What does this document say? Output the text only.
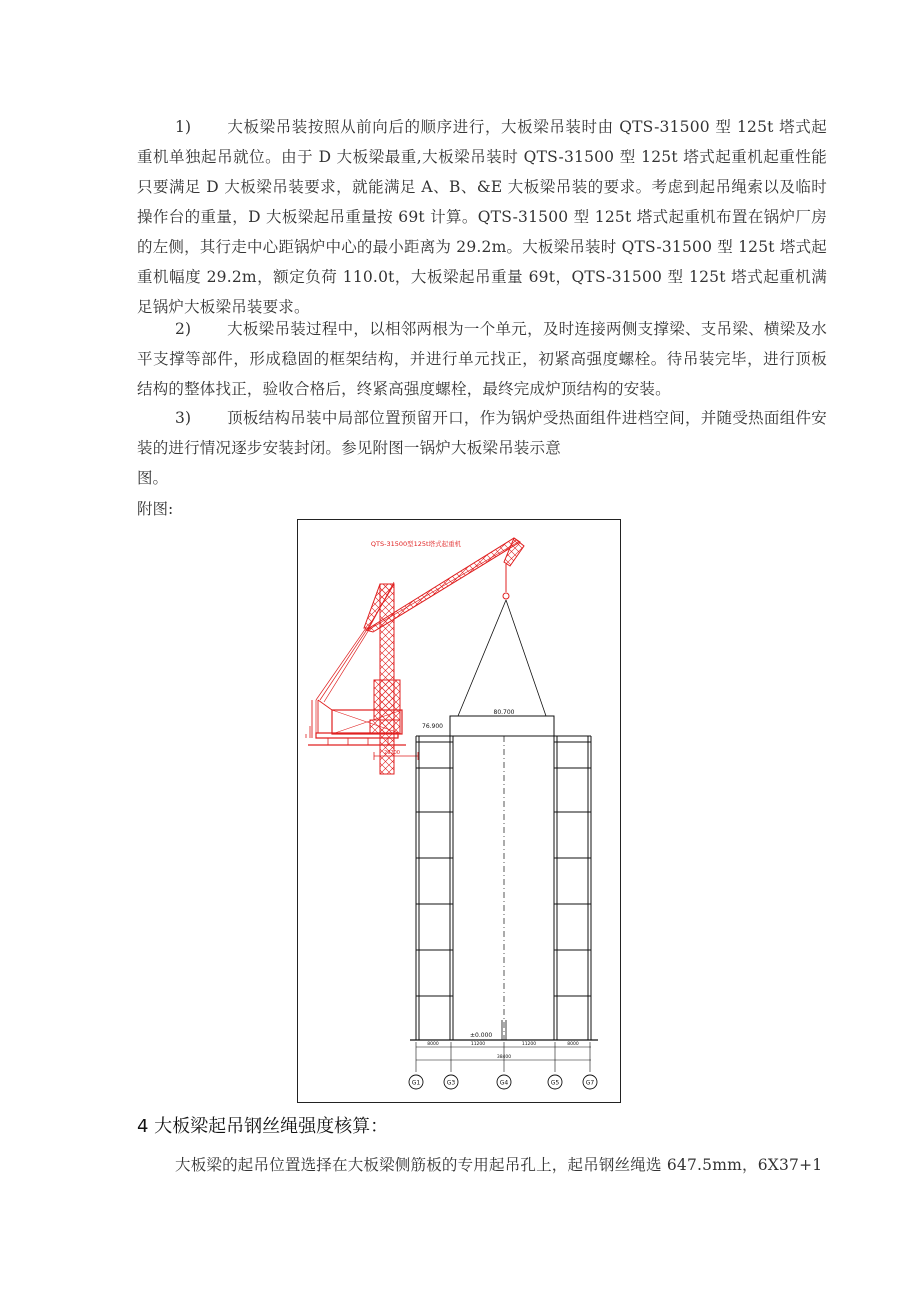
1) 大板梁吊装按照从前向后的顺序进行，大板梁吊装时由 QTS-31500 型 125t 塔式起重机单独起吊就位。由于 D 大板梁最重,大板梁吊装时 QTS-31500 型 125t 塔式起重机起重性能只要满足 D 大板梁吊装要求，就能满足 A、B、&E 大板梁吊装的要求。考虑到起吊绳索以及临时操作台的重量，D 大板梁起吊重量按 69t 计算。QTS-31500 型 125t 塔式起重机布置在锅炉厂房的左侧，其行走中心距锅炉中心的最小距离为 29.2m。大板梁吊装时 QTS-31500 型 125t 塔式起重机幅度 29.2m，额定负荷 110.0t，大板梁起吊重量 69t，QTS-31500 型 125t 塔式起重机满足锅炉大板梁吊装要求。

2) 大板梁吊装过程中，以相邻两根为一个单元，及时连接两侧支撑梁、支吊梁、横梁及水平支撑等部件，形成稳固的框架结构，并进行单元找正，初紧高强度螺栓。待吊装完毕，进行顶板结构的整体找正，验收合格后，终紧高强度螺栓，最终完成炉顶结构的安装。

3) 顶板结构吊装中局部位置预留开口，作为锅炉受热面组件进档空间，并随受热面组件安装的进行情况逐步安装封闭。参见附图一锅炉大板梁吊装示意

图。

附图:

QTS-31500型125t塔式起重机
29200
80.700
76.900
±0.000
8000	11200	11200	8000
38400
G1	G3	G4	G5	G7

4 大板梁起吊钢丝绳强度核算：

大板梁的起吊位置选择在大板梁侧筋板的专用起吊孔上，起吊钢丝绳选 647.5mm，6X37+1
